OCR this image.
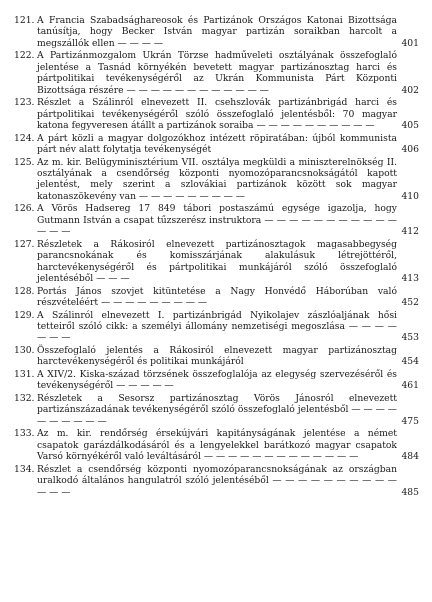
121. A Francia Szabadsághareosok és Partizánok Országos Katonai Bizottsága tanúsítja, hogy Becker István magyar partizán soraikban harcolt a megszállók ellen — — — —	401
122. A Partizánmozgalom Ukrán Törzse hadműveleti osztályának összefoglaló jelentése a Tasnád környékén bevetett magyar partizánosztag harci és pártpolitikai tevékenységéről az Ukrán Kommunista Párt Központi Bizottsága részére — — — — — — — — — — — —	402
123. Részlet a Szálinról elnevezett II. csehszlovák partizánbrigád harci és pártpolitikai tevékenységéről szóló összefoglaló jelentésből: 70 magyar katona fegyveresen átállt a partizánok soraiba — — — — — — — — — —	405
124. A párt közli a magyar dolgozókhoz intézett röpiratában: újból kommunista párt név alatt folytatja tevékenységét	406
125. Az m. kir. Belügyminisztérium VII. osztálya megküldi a miniszterelnökség II. osztályának a csendőrség központi nyomozóparancsnokságától kapott jelentést, mely szerint a szlovákiai partizánok között sok magyar katonaszökevény van — — — — — — — — —	410
126. A Vörös Hadsereg 17 849 tábori postaszámú egysége igazolja, hogy Gutmann István a csapat tűzszerész instruktora — — — — — — — — — — — — — —	412
127. Részletek a Rákosiról elnevezett partizánosztagok magasabbegység parancsnokának és komisszárjának alakulásuk létrejöttéről, harctevékenységéről és pártpolitikai munkájáról szóló összefoglaló jelentéséből — — —	413
128. Portás János szovjet kitüntetése a Nagy Honvédő Háborúban való részvételéért — — — — — — — — —	452
129. A Szálinról elnevezett I. partizánbrigád Nyikolajev zászlóaljának hősi tetteiről szóló cikk: a személyi állomány nemzetiségi megoszlása — — — — — — —	453
130. Összefoglaló jelentés a Rákosiról elnevezett magyar partizánosztag harctevékenységéről és politikai munkájáról	454
131. A XIV/2. Kiska-század törzsének összefoglalója az elegység szervezéséről és tevékenységéről — — — — —	461
132. Részletek a Sesorsz partizánosztag Vörös Jánosról elnevezett partizánszázadának tevékenységéről szóló összefoglaló jelentésből — — — — — — — — — —	475
133. Az m. kir. rendőrség érsekújvári kapitányságának jelentése a német csapatok garázdálkodásáról és a lengyelekkel barátkozó magyar csapatok Varsó környékéről való leváltásáról — — — — — — — — — — — — —	484
134. Részlet a csendőrség központi nyomozóparancsnokságának az országban uralkodó általános hangulatról szóló jelentéséből — — — — — — — — — — — — —	485
